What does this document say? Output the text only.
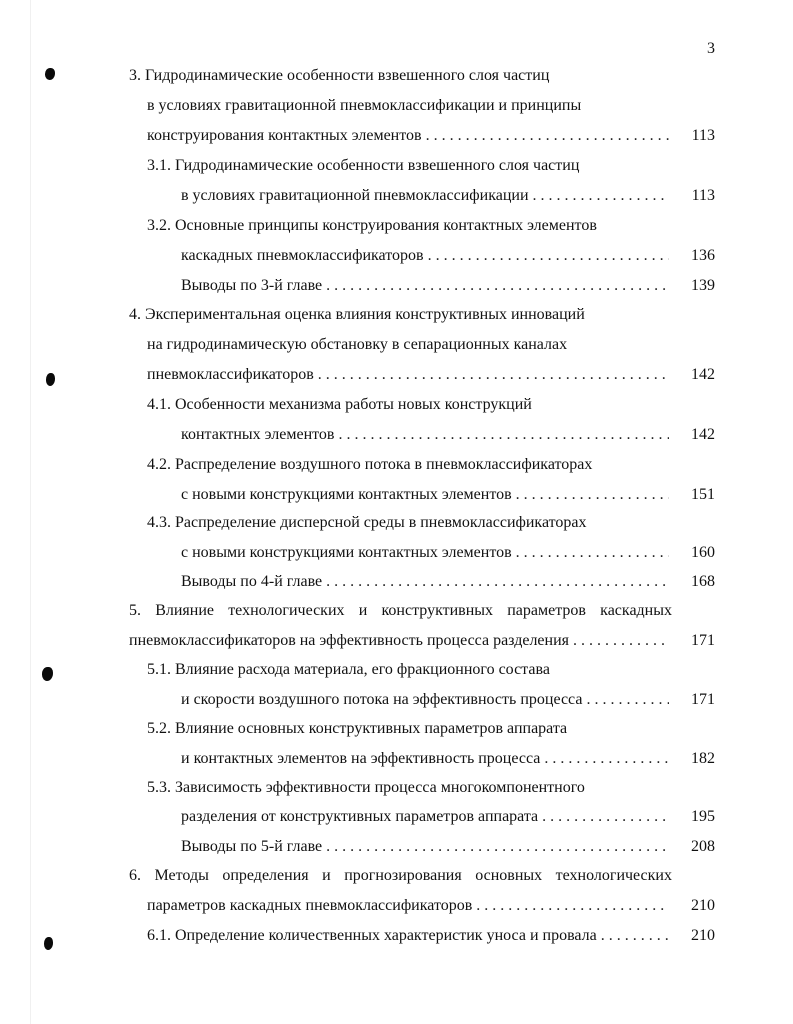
3
3. Гидродинамические особенности взвешенного слоя частиц
в условиях гравитационной пневмоклассификации и принципы
конструирования контактных элементов . . .	113
3.1. Гидродинамические особенности взвешенного слоя частиц
в условиях гравитационной пневмоклассификации . . .	113
3.2. Основные принципы конструирования контактных элементов
каскадных пневмоклассификаторов . . .	136
Выводы по 3-й главе . . .	139
4. Экспериментальная оценка влияния конструктивных инноваций
на гидродинамическую обстановку в сепарационных каналах
пневмоклассификаторов . . .	142
4.1. Особенности механизма работы новых конструкций
контактных элементов . . .	142
4.2. Распределение воздушного потока в пневмоклассификаторах
с новыми конструкциями контактных элементов . . .	151
4.3. Распределение дисперсной среды в пневмоклассификаторах
с новыми конструкциями контактных элементов . . .	160
Выводы по 4-й главе . . .	168
5. Влияние технологических и конструктивных параметров каскадных
пневмоклассификаторов на эффективность процесса разделения . . .	171
5.1. Влияние расхода материала, его фракционного состава
и скорости воздушного потока на эффективность процесса . . .	171
5.2. Влияние основных конструктивных параметров аппарата
и контактных элементов на эффективность процесса . . .	182
5.3. Зависимость эффективности процесса многокомпонентного
разделения от конструктивных параметров аппарата . . .	195
Выводы по 5-й главе . . .	208
6. Методы определения и прогнозирования основных технологических
параметров каскадных пневмоклассификаторов . . .	210
6.1. Определение количественных характеристик уноса и провала . . .	210
